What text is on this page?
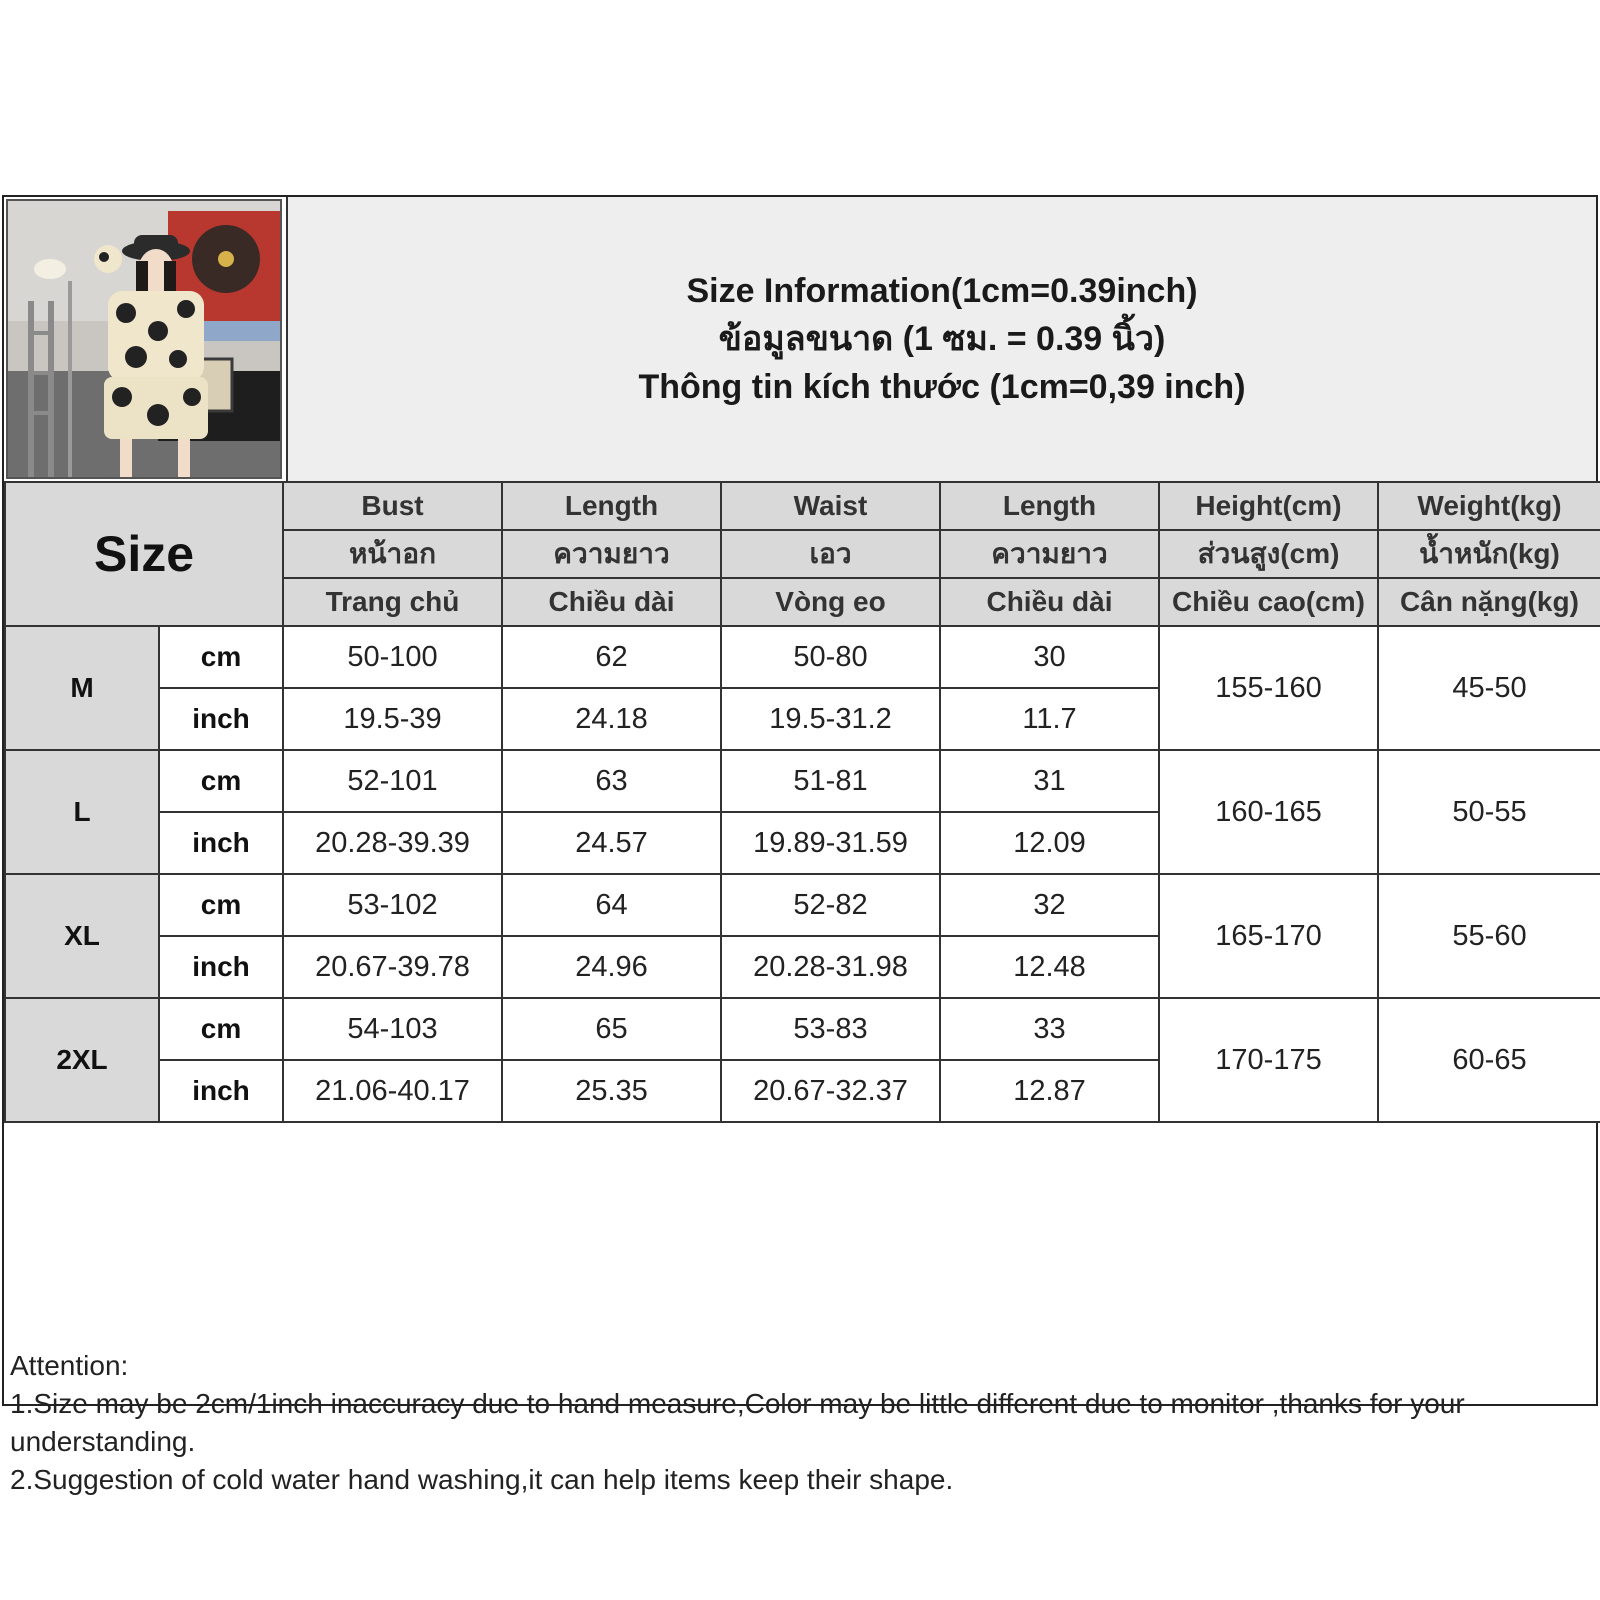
Size Information(1cm=0.39inch)
ข้อมูลขนาด (1 ซม. = 0.39 นิ้ว)
Thông tin kích thước (1cm=0,39 inch)
Size		Bust	Length	Waist	Length	Height(cm)	Weight(kg)
		หน้าอก	ความยาว	เอว	ความยาว	ส่วนสูง(cm)	น้ำหนัก(kg)
		Trang chủ	Chiều dài	Vòng eo	Chiều dài	Chiều cao(cm)	Cân nặng(kg)
M	cm	50-100	62	50-80	30	155-160	45-50
	inch	19.5-39	24.18	19.5-31.2	11.7		
L	cm	52-101	63	51-81	31	160-165	50-55
	inch	20.28-39.39	24.57	19.89-31.59	12.09		
XL	cm	53-102	64	52-82	32	165-170	55-60
	inch	20.67-39.78	24.96	20.28-31.98	12.48		
2XL	cm	54-103	65	53-83	33	170-175	60-65
	inch	21.06-40.17	25.35	20.67-32.37	12.87		

Attention:

1.Size may be 2cm/1inch inaccuracy due to hand measure,Color may be little different due to monitor ,thanks for your understanding.

2.Suggestion of cold water hand washing,it can help items keep their shape.
